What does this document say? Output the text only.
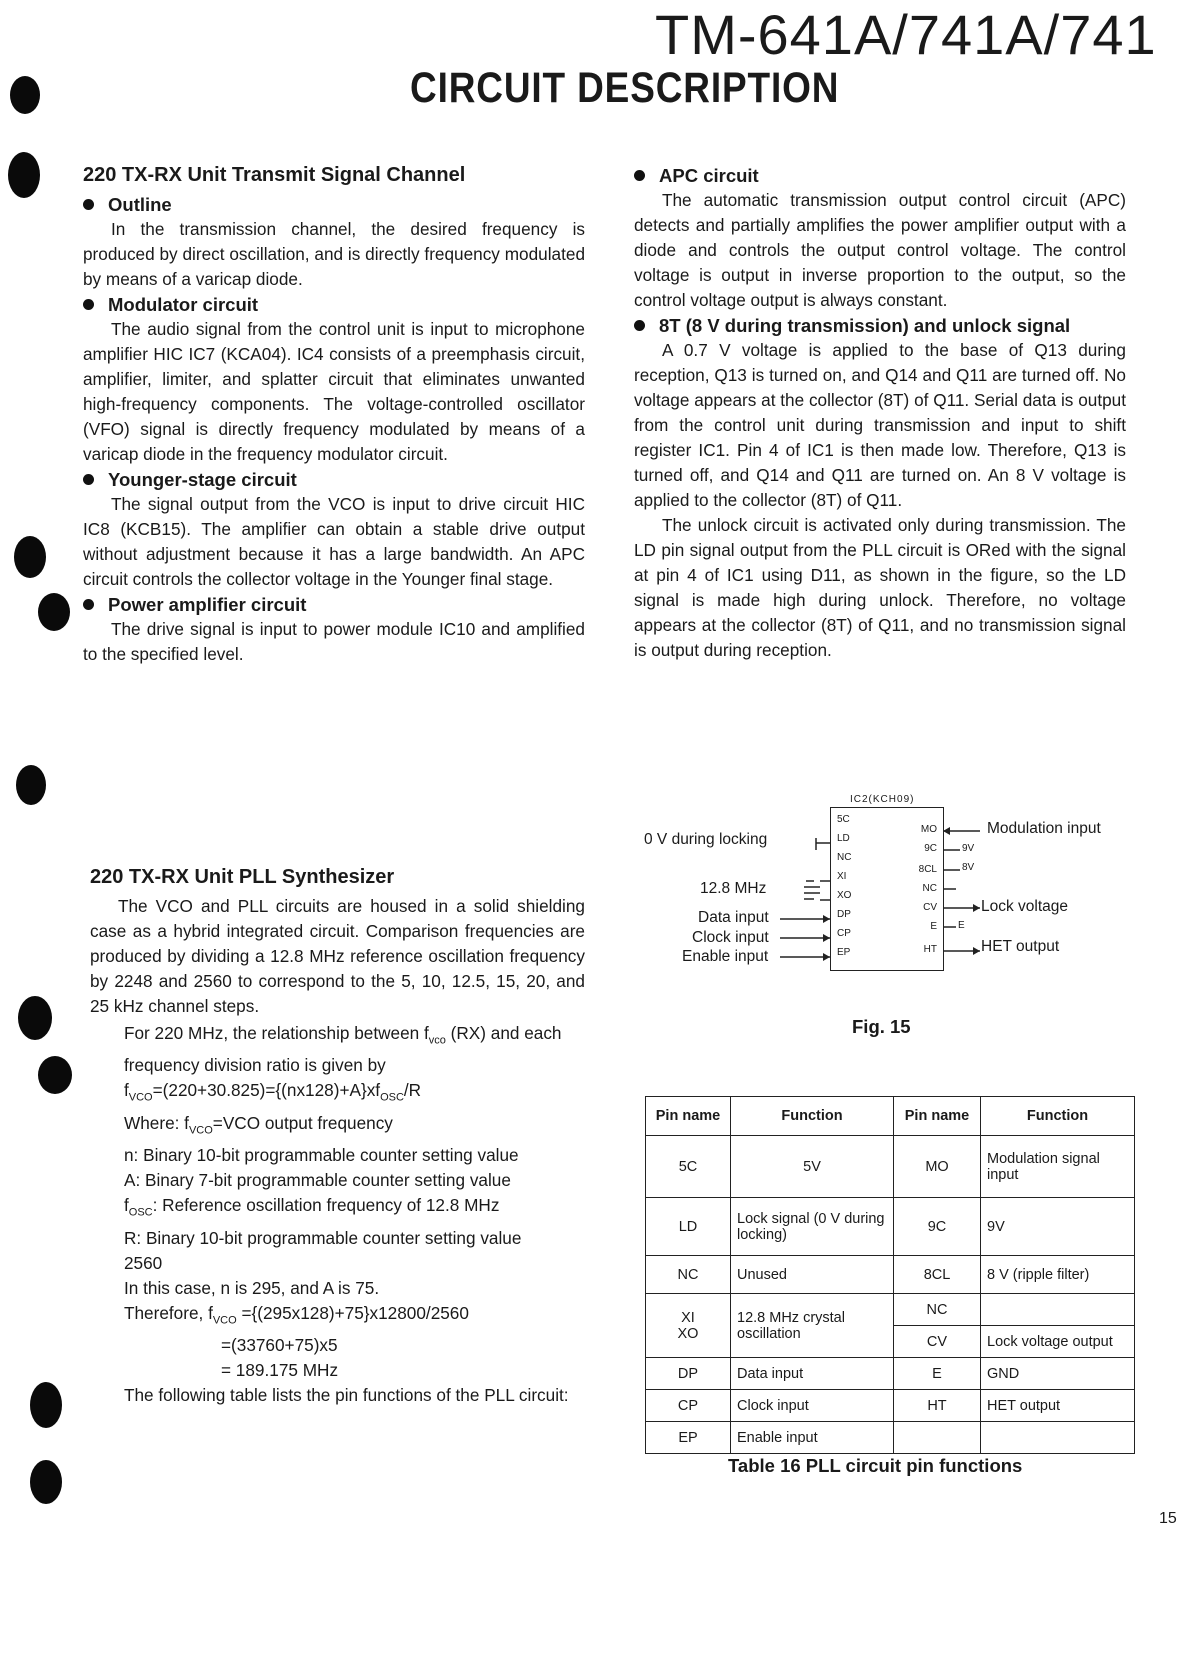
TM-641A/741A/741
CIRCUIT DESCRIPTION
220 TX-RX Unit Transmit Signal Channel
Outline

In the transmission channel, the desired frequency is produced by direct oscillation, and is directly frequency modulated by means of a varicap diode.

Modulator circuit

The audio signal from the control unit is input to microphone amplifier HIC IC7 (KCA04). IC4 consists of a preemphasis circuit, amplifier, limiter, and splatter circuit that eliminates unwanted high-frequency components. The voltage-controlled oscillator (VFO) signal is directly frequency modulated by means of a varicap diode in the frequency modulator circuit.

Younger-stage circuit

The signal output from the VCO is input to drive circuit HIC IC8 (KCB15). The amplifier can obtain a stable drive output without adjustment because it has a large bandwidth. An APC circuit controls the collector voltage in the Younger final stage.

Power amplifier circuit

The drive signal is input to power module IC10 and amplified to the specified level.

220 TX-RX Unit PLL Synthesizer

The VCO and PLL circuits are housed in a solid shielding case as a hybrid integrated circuit. Comparison frequencies are produced by dividing a 12.8 MHz reference oscillation frequency by 2248 and 2560 to correspond to the 5, 10, 12.5, 15, 20, and 25 kHz channel steps.

For 220 MHz, the relationship between $f_{vco}$ (RX) and each frequency division ratio is given by
$f_{VCO}=(220+30.825)=\{(nx128)+A\}xf_{OSC}/R$
Where: $f_{VCO}=VCO$ output frequency
n: Binary 10-bit programmable counter setting value
A: Binary 7-bit programmable counter setting value
$f_{OSC}$: Reference oscillation frequency of 12.8 MHz
R: Binary 10-bit programmable counter setting value
2560
In this case, n is 295, and A is 75.
Therefore, $f_{VCO} =\{(295x128)+75\}x12800/2560$
=(33760+75)x5
= 189.175 MHz
The following table lists the pin functions of the PLL circuit:
APC circuit

The automatic transmission output control circuit (APC) detects and partially amplifies the power amplifier output with a diode and controls the output control voltage. The control voltage is output in inverse proportion to the output, so the control voltage output is always constant.

8T (8 V during transmission) and unlock signal

A 0.7 V voltage is applied to the base of Q13 during reception, Q13 is turned on, and Q14 and Q11 are turned off. No voltage appears at the collector (8T) of Q11. Serial data is output from the control unit during transmission and input to shift register IC1. Pin 4 of IC1 is then made low. Therefore, Q13 is turned off, and Q14 and Q11 are turned on. An 8 V voltage is applied to the collector (8T) of Q11.

The unlock circuit is activated only during transmission. The LD pin signal output from the PLL circuit is ORed with the signal at pin 4 of IC1 using D11, as shown in the figure, so the LD signal is made high during unlock. Therefore, no voltage appears at the collector (8T) of Q11, and no transmission signal is output during reception.

IC2(KCH09)
5C
LD
NC
XI
XO
DP
CP
EP
MO
9C
8CL
NC
CV
E
HT
9V
8V
E
0 V during locking
12.8 MHz
Data input
Clock input
Enable input
Modulation input
Lock voltage
HET output
Fig. 15
Pin name	Function	Pin name	Function
5C	5V	MO	Modulation signal input
LD	Lock signal (0 V during locking)	9C	9V
NC	Unused	8CL	8 V (ripple filter)

XI
XO	12.8 MHz crystal oscillation	NC	
		CV	Lock voltage output
DP	Data input	E	GND
CP	Clock input	HT	HET output
EP	Enable input		
Table 16 PLL circuit pin functions
15
